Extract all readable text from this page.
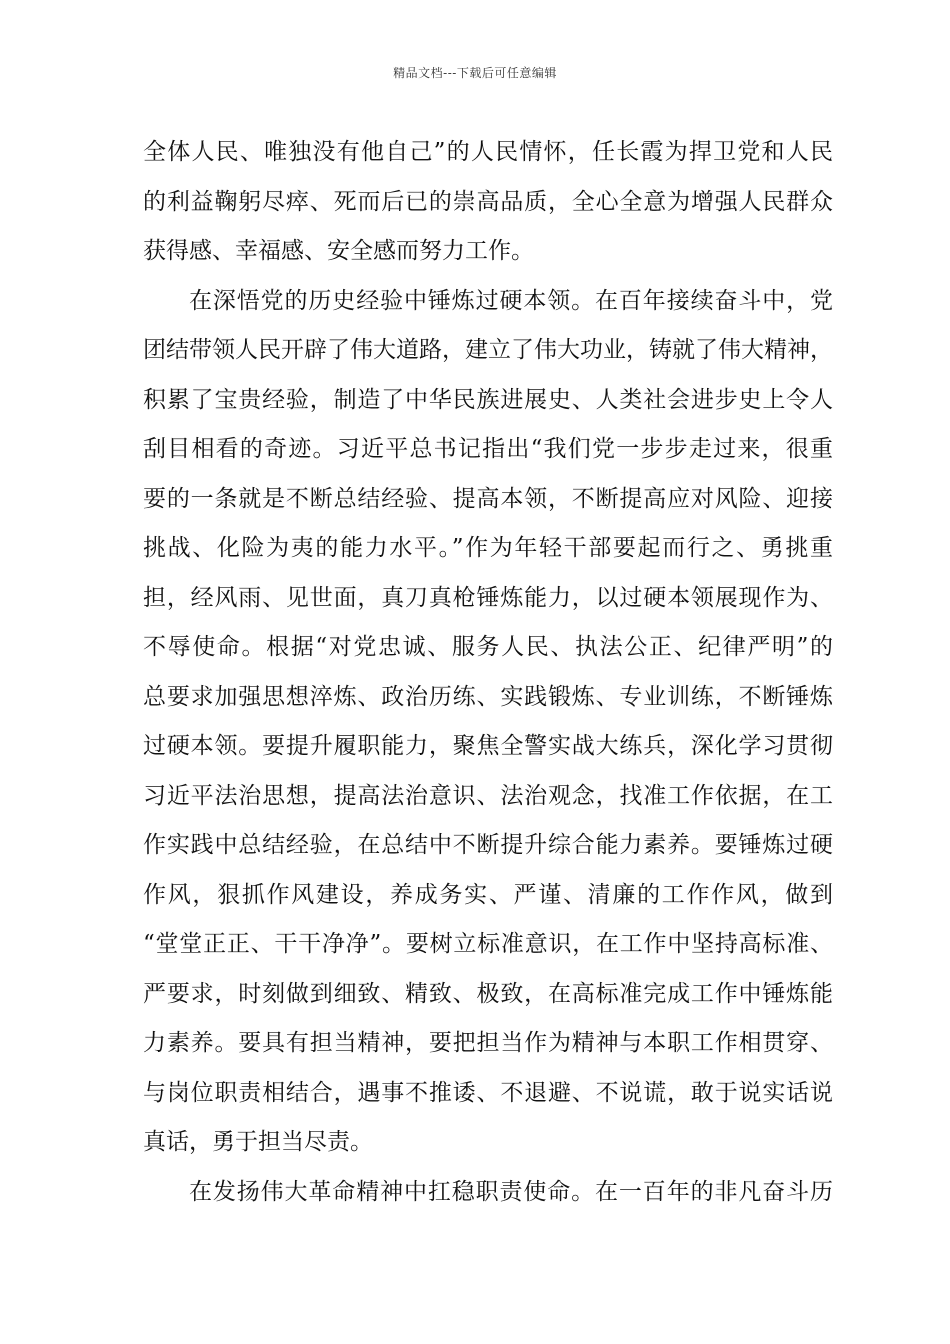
精品文档---下载后可任意编辑
全体人民、唯独没有他自己”的人民情怀，任长霞为捍卫党和人民
的利益鞠躬尽瘁、死而后已的崇高品质，全心全意为增强人民群众
获得感、幸福感、安全感而努力工作。
在深悟党的历史经验中锤炼过硬本领。在百年接续奋斗中，党
团结带领人民开辟了伟大道路，建立了伟大功业，铸就了伟大精神，
积累了宝贵经验，制造了中华民族进展史、人类社会进步史上令人
刮目相看的奇迹。习近平总书记指出“我们党一步步走过来，很重
要的一条就是不断总结经验、提高本领，不断提高应对风险、迎接
挑战、化险为夷的能力水平。”作为年轻干部要起而行之、勇挑重
担，经风雨、见世面，真刀真枪锤炼能力，以过硬本领展现作为、
不辱使命。根据“对党忠诚、服务人民、执法公正、纪律严明”的
总要求加强思想淬炼、政治历练、实践锻炼、专业训练，不断锤炼
过硬本领。要提升履职能力，聚焦全警实战大练兵，深化学习贯彻
习近平法治思想，提高法治意识、法治观念，找准工作依据，在工
作实践中总结经验，在总结中不断提升综合能力素养。要锤炼过硬
作风，狠抓作风建设，养成务实、严谨、清廉的工作作风，做到
“堂堂正正、干干净净”。要树立标准意识，在工作中坚持高标准、
严要求，时刻做到细致、精致、极致，在高标准完成工作中锤炼能
力素养。要具有担当精神，要把担当作为精神与本职工作相贯穿、
与岗位职责相结合，遇事不推诿、不退避、不说谎，敢于说实话说
真话，勇于担当尽责。
在发扬伟大革命精神中扛稳职责使命。在一百年的非凡奋斗历
